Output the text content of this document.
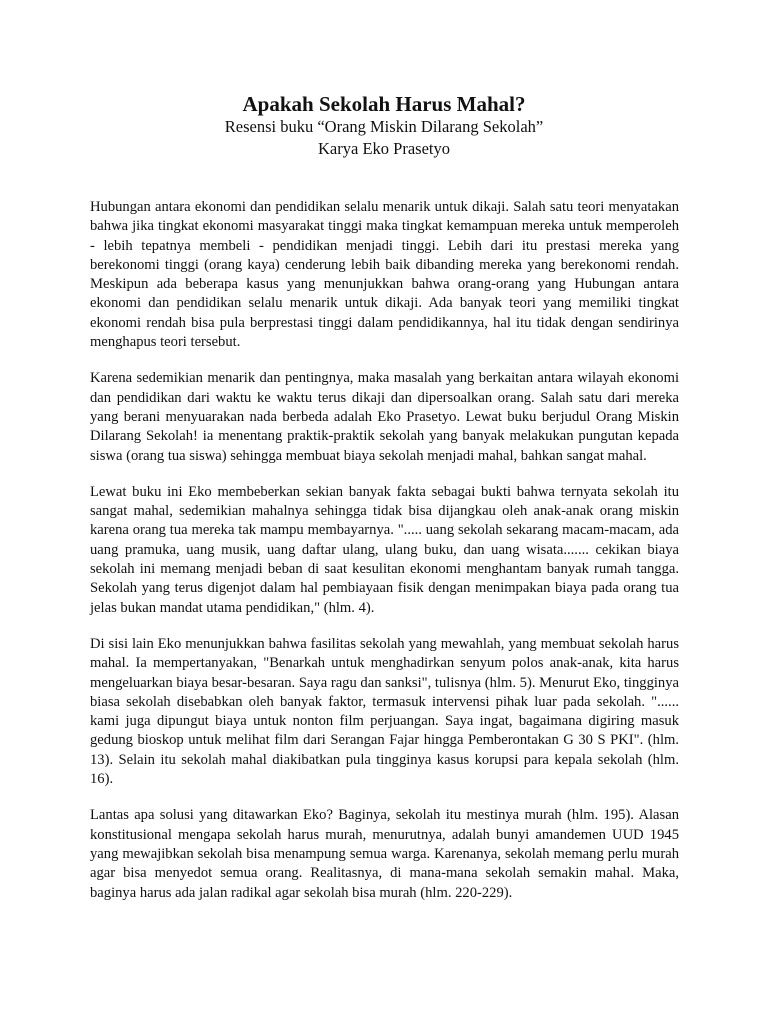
Apakah Sekolah Harus Mahal?

Resensi buku “Orang Miskin Dilarang Sekolah”

Karya Eko Prasetyo

Hubungan antara ekonomi dan pendidikan selalu menarik untuk dikaji. Salah satu teori menyatakan bahwa jika tingkat ekonomi masyarakat tinggi maka tingkat kemampuan mereka untuk memperoleh - lebih tepatnya membeli - pendidikan menjadi tinggi. Lebih dari itu prestasi mereka yang berekonomi tinggi (orang kaya) cenderung lebih baik dibanding mereka yang berekonomi rendah. Meskipun ada beberapa kasus yang menunjukkan bahwa orang-orang yang Hubungan antara ekonomi dan pendidikan selalu menarik untuk dikaji. Ada banyak teori yang memiliki tingkat ekonomi rendah bisa pula berprestasi tinggi dalam pendidikannya, hal itu tidak dengan sendirinya menghapus teori tersebut.

Karena sedemikian menarik dan pentingnya, maka masalah yang berkaitan antara wilayah ekonomi dan pendidikan dari waktu ke waktu terus dikaji dan dipersoalkan orang. Salah satu dari mereka yang berani menyuarakan nada berbeda adalah Eko Prasetyo. Lewat buku berjudul Orang Miskin Dilarang Sekolah! ia menentang praktik-praktik sekolah yang banyak melakukan pungutan kepada siswa (orang tua siswa) sehingga membuat biaya sekolah menjadi mahal, bahkan sangat mahal.

Lewat buku ini Eko membeberkan sekian banyak fakta sebagai bukti bahwa ternyata sekolah itu sangat mahal, sedemikian mahalnya sehingga tidak bisa dijangkau oleh anak-anak orang miskin karena orang tua mereka tak mampu membayarnya. "..... uang sekolah sekarang macam-macam, ada uang pramuka, uang musik, uang daftar ulang, ulang buku, dan uang wisata....... cekikan biaya sekolah ini memang menjadi beban di saat kesulitan ekonomi menghantam banyak rumah tangga. Sekolah yang terus digenjot dalam hal pembiayaan fisik dengan menimpakan biaya pada orang tua jelas bukan mandat utama pendidikan," (hlm. 4).

Di sisi lain Eko menunjukkan bahwa fasilitas sekolah yang mewahlah, yang membuat sekolah harus mahal. Ia mempertanyakan, "Benarkah untuk menghadirkan senyum polos anak-anak, kita harus mengeluarkan biaya besar-besaran. Saya ragu dan sanksi", tulisnya (hlm. 5). Menurut Eko, tingginya biasa sekolah disebabkan oleh banyak faktor, termasuk intervensi pihak luar pada sekolah. "...... kami juga dipungut biaya untuk nonton film perjuangan. Saya ingat, bagaimana digiring masuk gedung bioskop untuk melihat film dari Serangan Fajar hingga Pemberontakan G 30 S PKI". (hlm. 13). Selain itu sekolah mahal diakibatkan pula tingginya kasus korupsi para kepala sekolah (hlm. 16).

Lantas apa solusi yang ditawarkan Eko? Baginya, sekolah itu mestinya murah (hlm. 195). Alasan konstitusional mengapa sekolah harus murah, menurutnya, adalah bunyi amandemen UUD 1945 yang mewajibkan sekolah bisa menampung semua warga. Karenanya, sekolah memang perlu murah agar bisa menyedot semua orang. Realitasnya, di mana-mana sekolah semakin mahal. Maka, baginya harus ada jalan radikal agar sekolah bisa murah (hlm. 220-229).
